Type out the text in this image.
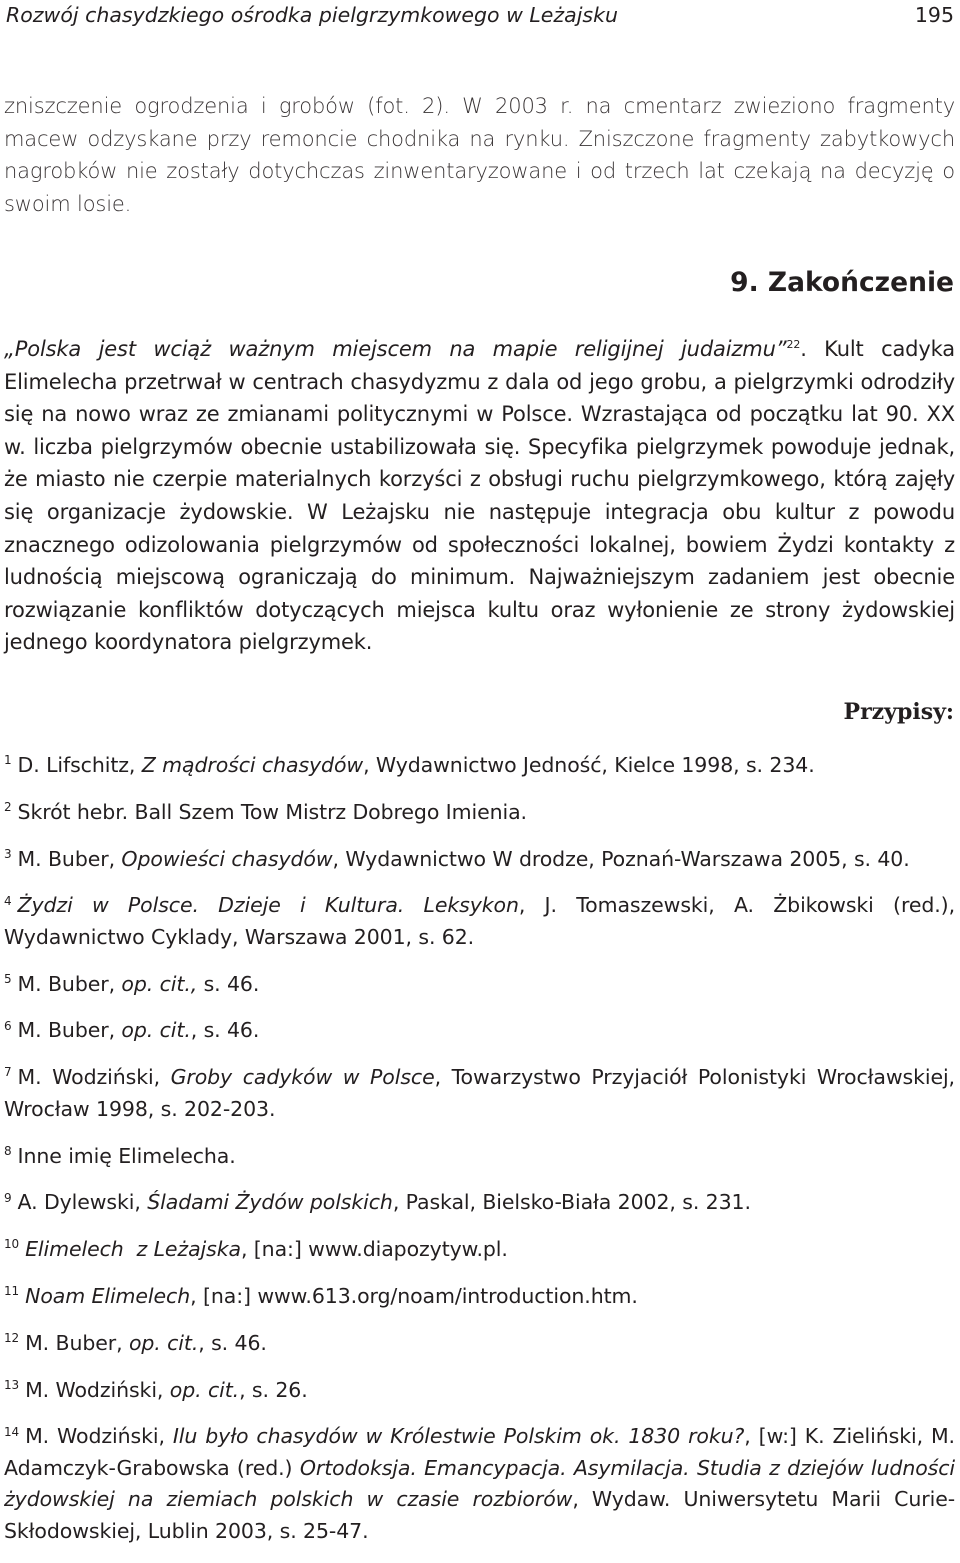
Rozwój chasydzkiego ośrodka pielgrzymkowego w Leżajsku	195
zniszczenie ogrodzenia i grobów (fot. 2). W 2003 r. na cmentarz zwieziono fragmenty macew odzyskane przy remoncie chodnika na rynku. Zniszczone fragmenty zabytkowych nagrobków nie zostały dotychczas zinwentaryzowane i od trzech lat czekają na decyzję o swoim losie.
9. Zakończenie
„Polska jest wciąż ważnym miejscem na mapie religijnej judaizmu”$^{22}$. Kult cadyka Elimelecha przetrwał w centrach chasydyzmu z dala od jego grobu, a pielgrzymki odrodziły się na nowo wraz ze zmianami politycznymi w Polsce. Wzrastająca od początku lat 90. XX w. liczba pielgrzymów obecnie ustabilizowała się. Specyfika pielgrzymek powoduje jednak, że miasto nie czerpie materialnych korzyści z obsługi ruchu pielgrzymkowego, którą zajęły się organizacje żydowskie. W Leżajsku nie następuje integracja obu kultur z powodu znacznego odizolowania pielgrzymów od społeczności lokalnej, bowiem Żydzi kontakty z ludnością miejscową ograniczają do minimum. Najważniejszym zadaniem jest obecnie rozwiązanie konfliktów dotyczących miejsca kultu oraz wyłonienie ze strony żydowskiej jednego koordynatora pielgrzymek.
Przypisy:
$^1$ D. Lifschitz, Z mądrości chasydów, Wydawnictwo Jedność, Kielce 1998, s. 234.
$^2$ Skrót hebr. Ball Szem Tow Mistrz Dobrego Imienia.
$^3$ M. Buber, Opowieści chasydów, Wydawnictwo W drodze, Poznań-Warszawa 2005, s. 40.
$^4$ Żydzi w Polsce. Dzieje i Kultura. Leksykon, J. Tomaszewski, A. Żbikowski (red.), Wydawnictwo Cyklady, Warszawa 2001, s. 62.
$^5$ M. Buber, op. cit., s. 46.
$^6$ M. Buber, op. cit., s. 46.
$^7$ M. Wodziński, Groby cadyków w Polsce, Towarzystwo Przyjaciół Polonistyki Wrocławskiej, Wrocław 1998, s. 202-203.
$^8$ Inne imię Elimelecha.
$^9$ A. Dylewski, Śladami Żydów polskich, Paskal, Bielsko-Biała 2002, s. 231.
$^{10}$ Elimelech  z Leżajska, [na:] www.diapozytyw.pl.
$^{11}$ Noam Elimelech, [na:] www.613.org/noam/introduction.htm.
$^{12}$ M. Buber, op. cit., s. 46.
$^{13}$ M. Wodziński, op. cit., s. 26.
$^{14}$ M. Wodziński, Ilu było chasydów w Królestwie Polskim ok. 1830 roku?, [w:] K. Zieliński, M. Adamczyk-Grabowska (red.) Ortodoksja. Emancypacja. Asymilacja. Studia z dziejów ludności żydowskiej na ziemiach polskich w czasie rozbiorów, Wydaw. Uniwersytetu Marii Curie-Skłodowskiej, Lublin 2003, s. 25-47.
